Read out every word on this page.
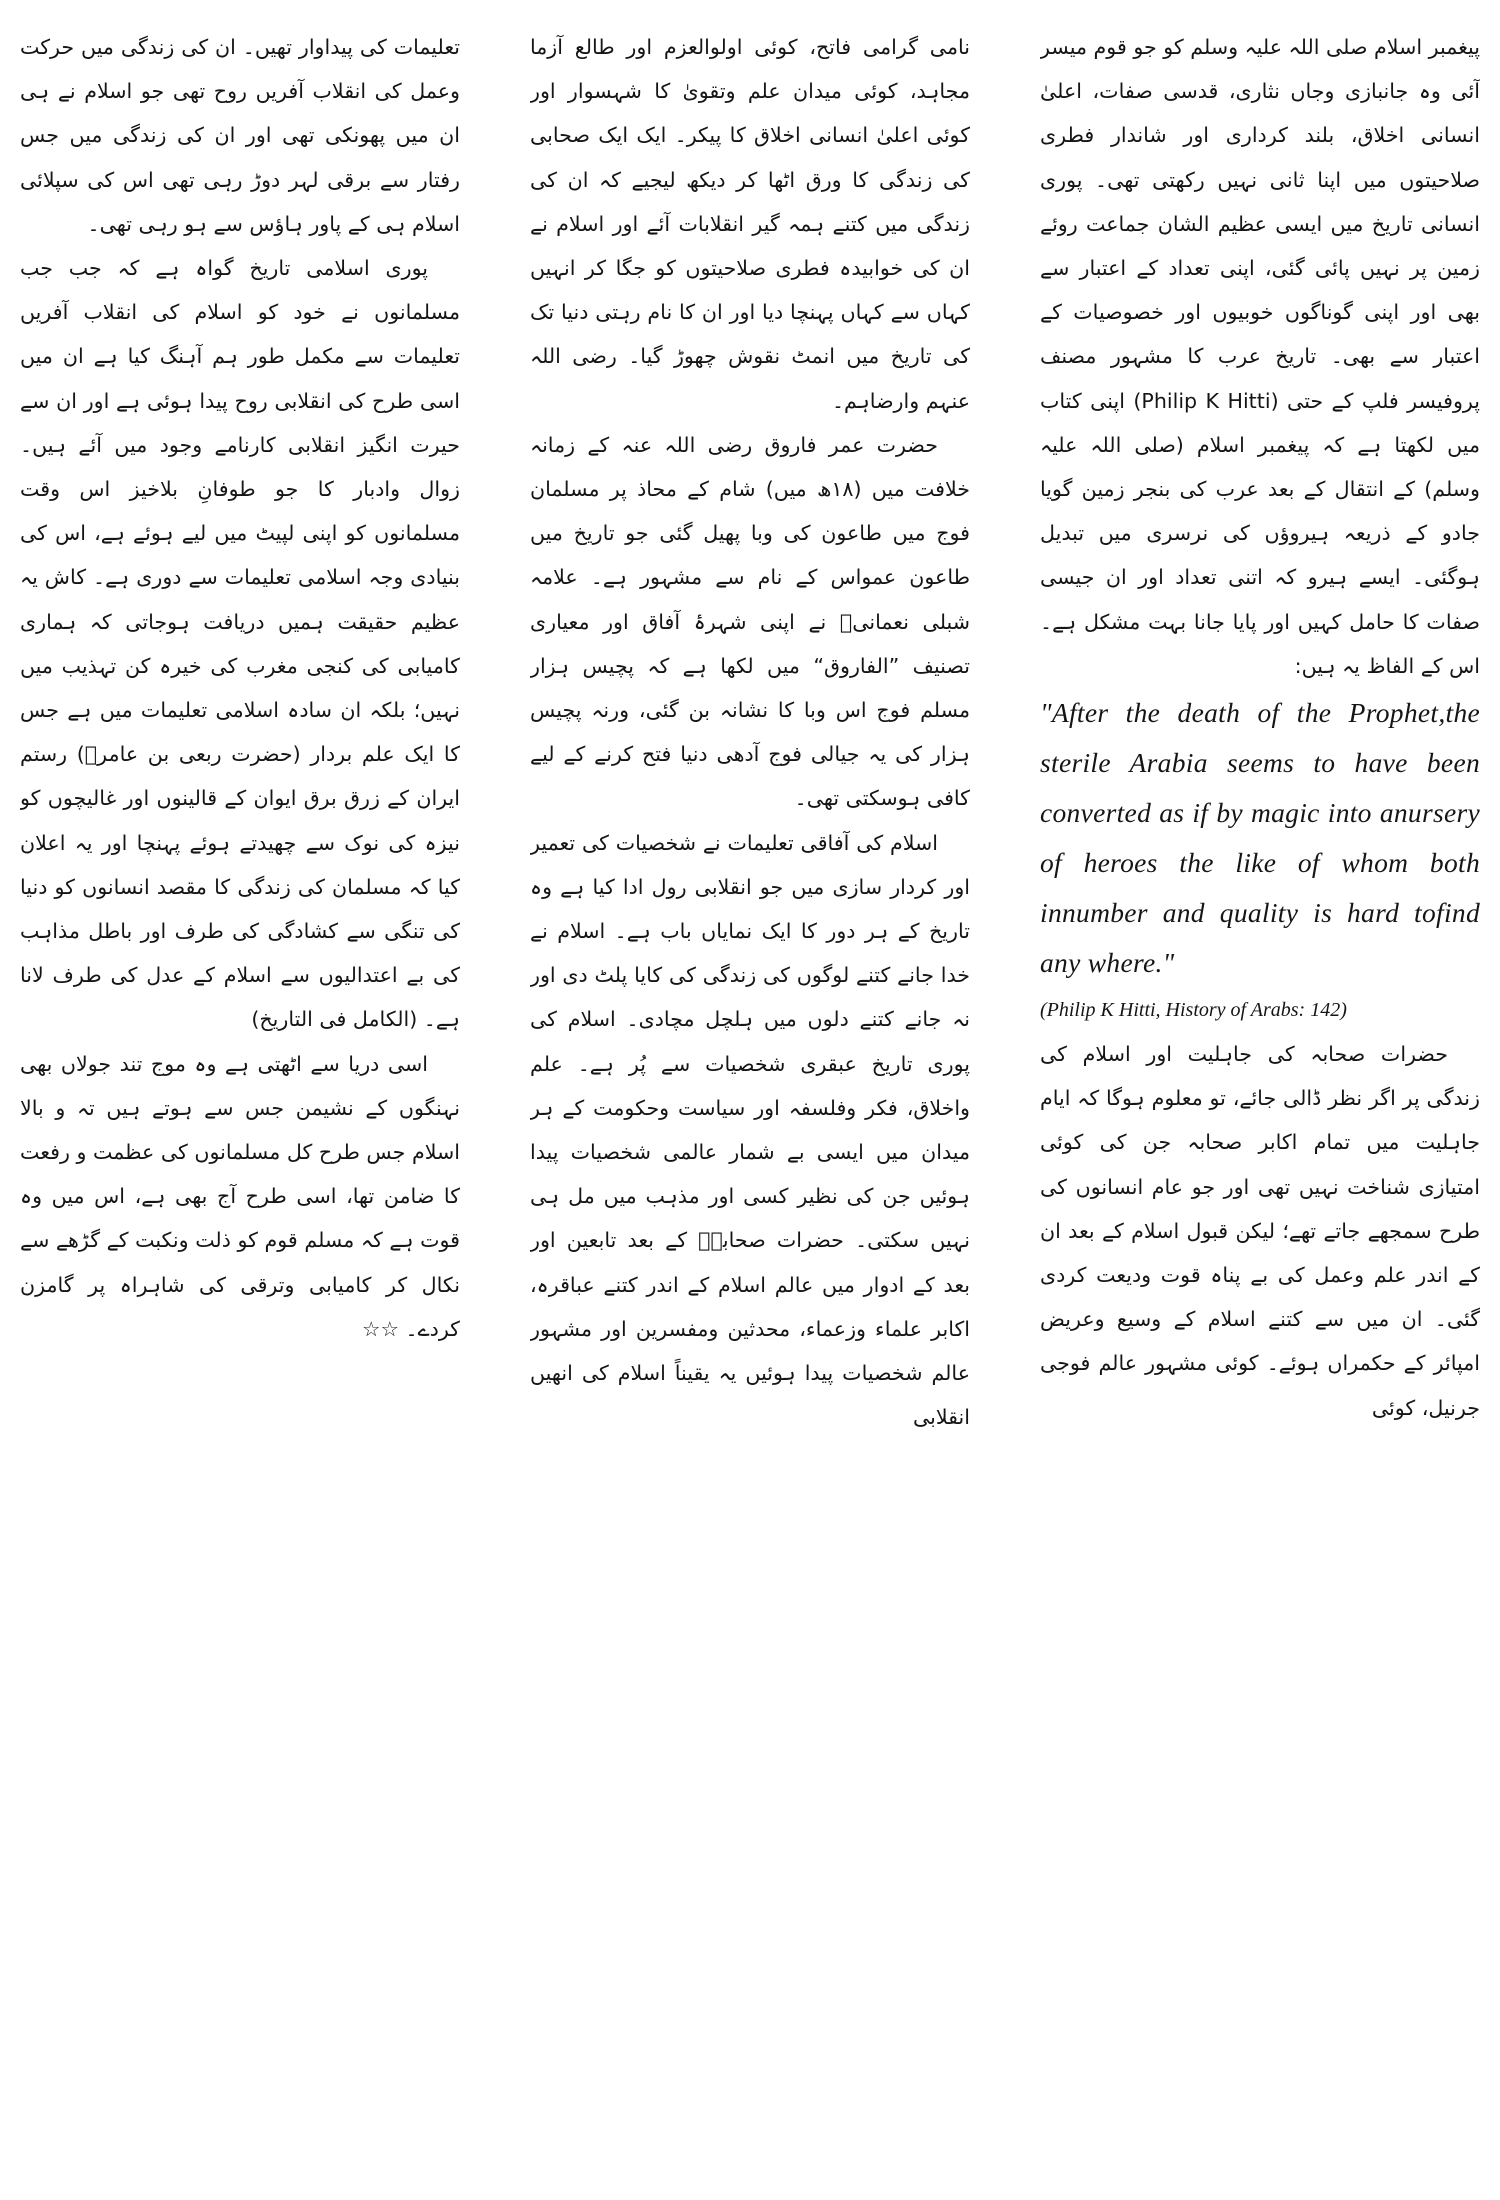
پیغمبر اسلام صلی اللہ علیہ وسلم کو جو قوم میسر آئی وہ جانبازی وجاں نثاری، قدسی صفات، اعلیٰ انسانی اخلاق، بلند کرداری اور شاندار فطری صلاحیتوں میں اپنا ثانی نہیں رکھتی تھی۔ پوری انسانی تاریخ میں ایسی عظیم الشان جماعت روئے زمین پر نہیں پائی گئی، اپنی تعداد کے اعتبار سے بھی اور اپنی گوناگوں خوبیوں اور خصوصیات کے اعتبار سے بھی۔ تاریخ عرب کا مشہور مصنف پروفیسر فلپ کے حتی (Philip K Hitti) اپنی کتاب میں لکھتا ہے کہ پیغمبر اسلام (صلی اللہ علیہ وسلم) کے انتقال کے بعد عرب کی بنجر زمین گویا جادو کے ذریعہ ہیروؤں کی نرسری میں تبدیل ہوگئی۔ ایسے ہیرو کہ اتنی تعداد اور ان جیسی صفات کا حامل کہیں اور پایا جانا بہت مشکل ہے۔ اس کے الفاظ یہ ہیں:

"After the death of the Prophet,the sterile Arabia seems to have been converted as if by magic into anursery of heroes the like of whom both innumber and quality is hard tofind any where."

(Philip K Hitti, History of Arabs: 142)

حضرات صحابہ کی جاہلیت اور اسلام کی زندگی پر اگر نظر ڈالی جائے، تو معلوم ہوگا کہ ایام جاہلیت میں تمام اکابر صحابہ جن کی کوئی امتیازی شناخت نہیں تھی اور جو عام انسانوں کی طرح سمجھے جاتے تھے؛ لیکن قبول اسلام کے بعد ان کے اندر علم وعمل کی بے پناہ قوت ودیعت کردی گئی۔ ان میں سے کتنے اسلام کے وسیع وعریض امپائر کے حکمراں ہوئے۔ کوئی مشہور عالم فوجی جرنیل، کوئی

نامی گرامی فاتح، کوئی اولوالعزم اور طالع آزما مجاہد، کوئی میدان علم وتقویٰ کا شہسوار اور کوئی اعلیٰ انسانی اخلاق کا پیکر۔ ایک ایک صحابی کی زندگی کا ورق اٹھا کر دیکھ لیجیے کہ ان کی زندگی میں کتنے ہمہ گیر انقلابات آئے اور اسلام نے ان کی خوابیدہ فطری صلاحیتوں کو جگا کر انہیں کہاں سے کہاں پہنچا دیا اور ان کا نام رہتی دنیا تک کی تاریخ میں انمٹ نقوش چھوڑ گیا۔ رضی اللہ عنہم وارضاہم۔

حضرت عمر فاروق رضی اللہ عنہ کے زمانہ خلافت میں (۱۸ھ میں) شام کے محاذ پر مسلمان فوج میں طاعون کی وبا پھیل گئی جو تاریخ میں طاعون عمواس کے نام سے مشہور ہے۔ علامہ شبلی نعمانیؒ نے اپنی شہرۂ آفاق اور معیاری تصنیف ”الفاروق“ میں لکھا ہے کہ پچیس ہزار مسلم فوج اس وبا کا نشانہ بن گئی، ورنہ پچیس ہزار کی یہ جیالی فوج آدھی دنیا فتح کرنے کے لیے کافی ہوسکتی تھی۔

اسلام کی آفاقی تعلیمات نے شخصیات کی تعمیر اور کردار سازی میں جو انقلابی رول ادا کیا ہے وہ تاریخ کے ہر دور کا ایک نمایاں باب ہے۔ اسلام نے خدا جانے کتنے لوگوں کی زندگی کی کایا پلٹ دی اور نہ جانے کتنے دلوں میں ہلچل مچادی۔ اسلام کی پوری تاریخ عبقری شخصیات سے پُر ہے۔ علم واخلاق، فکر وفلسفہ اور سیاست وحکومت کے ہر میدان میں ایسی بے شمار عالمی شخصیات پیدا ہوئیں جن کی نظیر کسی اور مذہب میں مل ہی نہیں سکتی۔ حضرات صحابہؓ کے بعد تابعین اور بعد کے ادوار میں عالم اسلام کے اندر کتنے عباقرہ، اکابر علماء وزعماء، محدثین ومفسرین اور مشہور عالم شخصیات پیدا ہوئیں یہ یقیناً اسلام کی انھیں انقلابی

تعلیمات کی پیداوار تھیں۔ ان کی زندگی میں حرکت وعمل کی انقلاب آفریں روح تھی جو اسلام نے ہی ان میں پھونکی تھی اور ان کی زندگی میں جس رفتار سے برقی لہر دوڑ رہی تھی اس کی سپلائی اسلام ہی کے پاور ہاؤس سے ہو رہی تھی۔

پوری اسلامی تاریخ گواہ ہے کہ جب جب مسلمانوں نے خود کو اسلام کی انقلاب آفریں تعلیمات سے مکمل طور ہم آہنگ کیا ہے ان میں اسی طرح کی انقلابی روح پیدا ہوئی ہے اور ان سے حیرت انگیز انقلابی کارنامے وجود میں آئے ہیں۔ زوال وادبار کا جو طوفانِ بلاخیز اس وقت مسلمانوں کو اپنی لپیٹ میں لیے ہوئے ہے، اس کی بنیادی وجہ اسلامی تعلیمات سے دوری ہے۔ کاش یہ عظیم حقیقت ہمیں دریافت ہوجاتی کہ ہماری کامیابی کی کنجی مغرب کی خیرہ کن تہذیب میں نہیں؛ بلکہ ان سادہ اسلامی تعلیمات میں ہے جس کا ایک علم بردار (حضرت ربعی بن عامرؓ) رستم ایران کے زرق برق ایوان کے قالینوں اور غالیچوں کو نیزہ کی نوک سے چھیدتے ہوئے پہنچا اور یہ اعلان کیا کہ مسلمان کی زندگی کا مقصد انسانوں کو دنیا کی تنگی سے کشادگی کی طرف اور باطل مذاہب کی بے اعتدالیوں سے اسلام کے عدل کی طرف لانا ہے۔ (الکامل فی التاریخ)

اسی دریا سے اٹھتی ہے وہ موج تند جولاں بھی نہنگوں کے نشیمن جس سے ہوتے ہیں تہ و بالا اسلام جس طرح کل مسلمانوں کی عظمت و رفعت کا ضامن تھا، اسی طرح آج بھی ہے، اس میں وہ قوت ہے کہ مسلم قوم کو ذلت ونکبت کے گڑھے سے نکال کر کامیابی وترقی کی شاہراہ پر گامزن کردے۔ ☆☆
